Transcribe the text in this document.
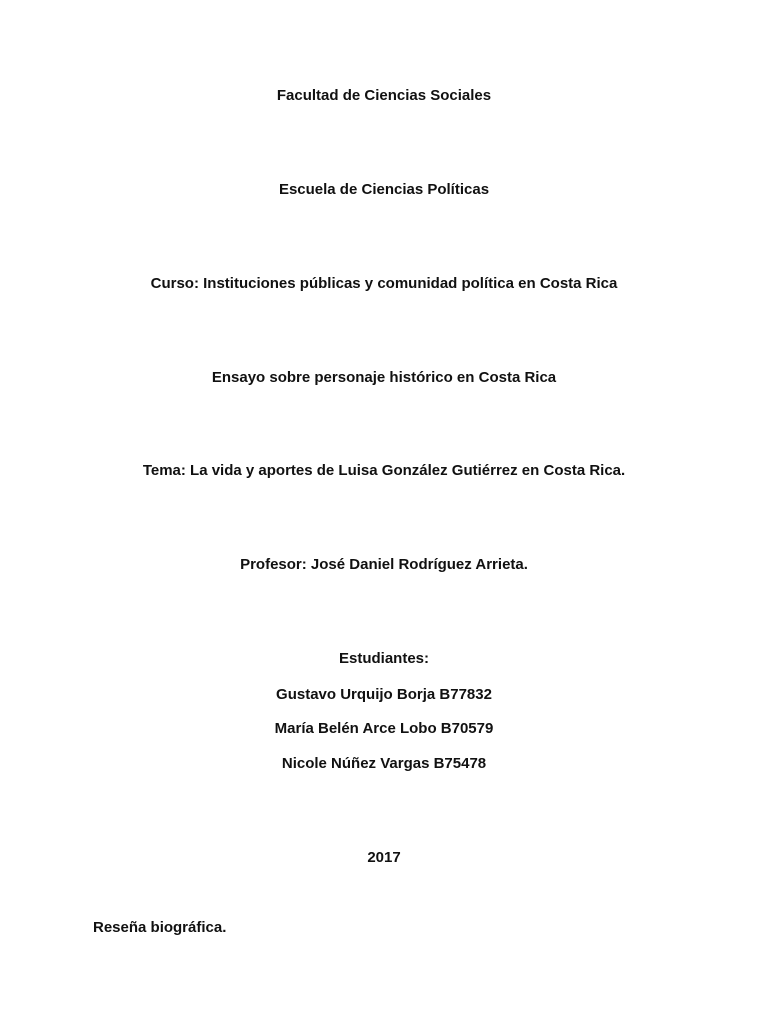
Facultad de Ciencias Sociales
Escuela de Ciencias Políticas
Curso: Instituciones públicas y comunidad política en Costa Rica
Ensayo sobre personaje histórico en Costa Rica
Tema: La vida y aportes de Luisa González Gutiérrez en Costa Rica.
Profesor: José Daniel Rodríguez Arrieta.
Estudiantes:
Gustavo Urquijo Borja B77832
María Belén Arce Lobo B70579
Nicole Núñez Vargas B75478
2017
Reseña biográfica.
